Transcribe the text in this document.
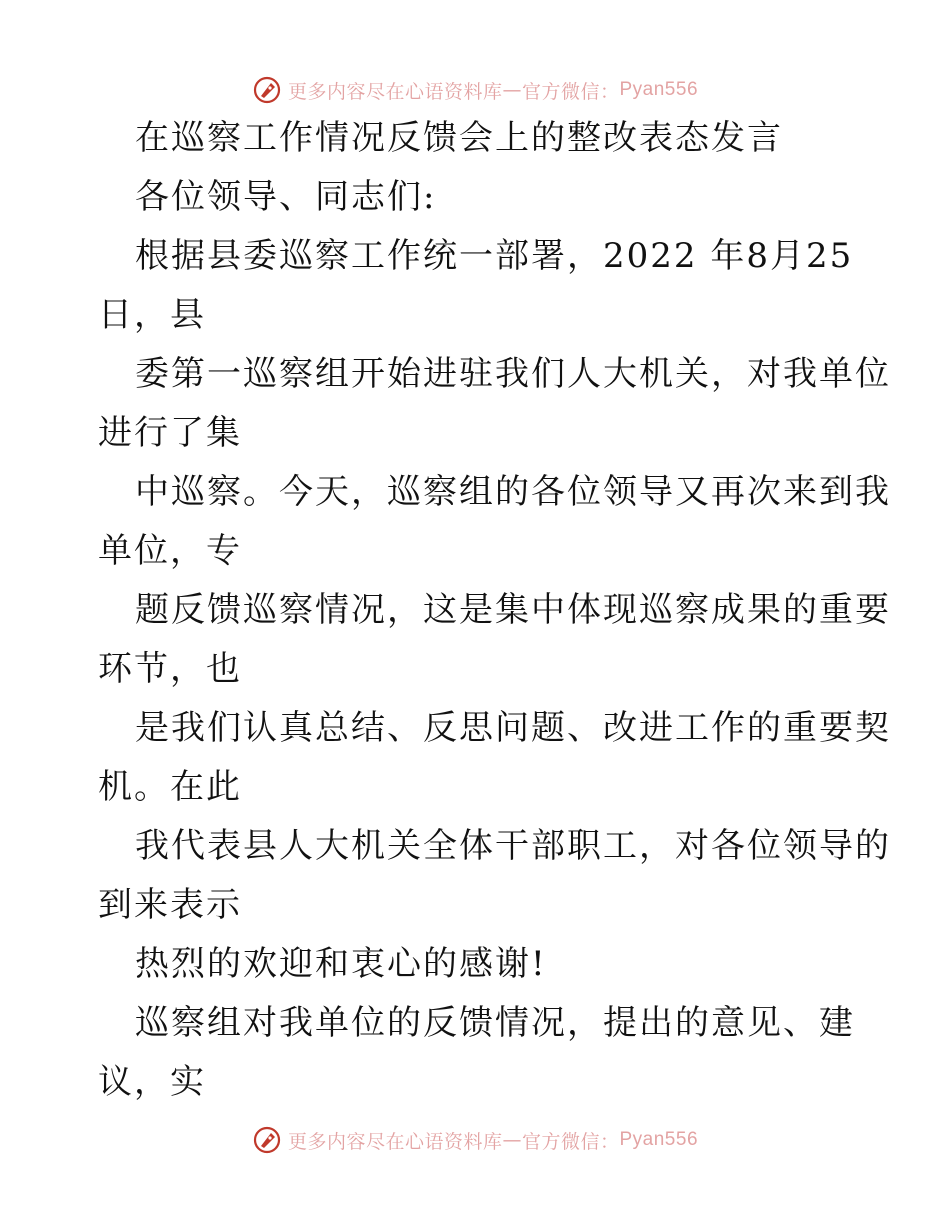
更多内容尽在心语资料库 — 官方微信： Pyan556
在巡察工作情况反馈会上的整改表态发言
各位领导、同志们:
根据县委巡察工作统一部署，2022 年8月25
日，县
委第一巡察组开始进驻我们人大机关，对我单位
进行了集
中巡察。今天，巡察组的各位领导又再次来到我
单位，专
题反馈巡察情况，这是集中体现巡察成果的重要
环节，也
是我们认真总结、反思问题、改进工作的重要契
机。在此
我代表县人大机关全体干部职工，对各位领导的
到来表示
热烈的欢迎和衷心的感谢!
巡察组对我单位的反馈情况，提出的意见、建
议，实
更多内容尽在心语资料库 — 官方微信： Pyan556
